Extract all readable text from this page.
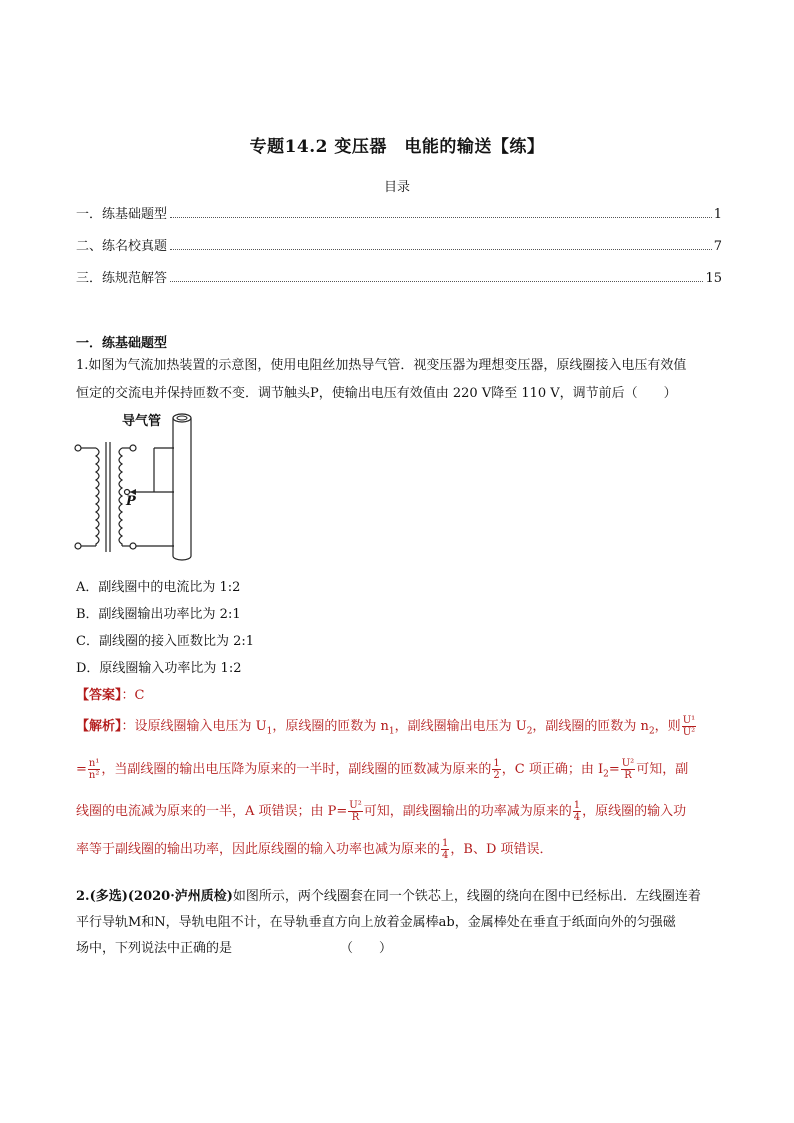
专题14.2 变压器　电能的输送【练】
目录
一．练基础题型	1
二、练名校真题	7
三．练规范解答	15
一．练基础题型
1.如图为气流加热装置的示意图，使用电阻丝加热导气管．视变压器为理想变压器，原线圈接入电压有效值
恒定的交流电并保持匝数不变．调节触头P，使输出电压有效值由 220 V降至 110 V，调节前后（　　）
导气管
P
A．副线圈中的电流比为 1:2
B．副线圈输出功率比为 2:1
C．副线圈的接入匝数比为 2:1
D．原线圈输入功率比为 1:2
【答案】：C
【解析】：设原线圈输入电压为 $U_1$，原线圈的匝数为 $n_1$，副线圈输出电压为 $U_2$，副线圈的匝数为 $n_2$，则 $\frac{\text{U¹}}{\text{U²}}$
= $\frac{\text{n¹}}{\text{n²}}$ ，当副线圈的输出电压降为原来的一半时，副线圈的匝数减为原来的 $\frac{1}{2}$ ，C 项正确；由 $I_2= \frac{\text{U²}}{R}$ 可知，副
线圈的电流减为原来的一半，A 项错误；由 $P= \frac{\text{U²}}{R}$ 可知，副线圈输出的功率减为原来的 $\frac{1}{4}$ ，原线圈的输入功
率等于副线圈的输出功率，因此原线圈的输入功率也减为原来的 $\frac{1}{4}$ ，B、D 项错误．
2.(多选)(2020·泸州质检)如图所示，两个线圈套在同一个铁芯上，线圈的绕向在图中已经标出．左线圈连着
平行导轨M和N，导轨电阻不计，在导轨垂直方向上放着金属棒ab，金属棒处在垂直于纸面向外的匀强磁
场中，下列说法中正确的是	（　　）
